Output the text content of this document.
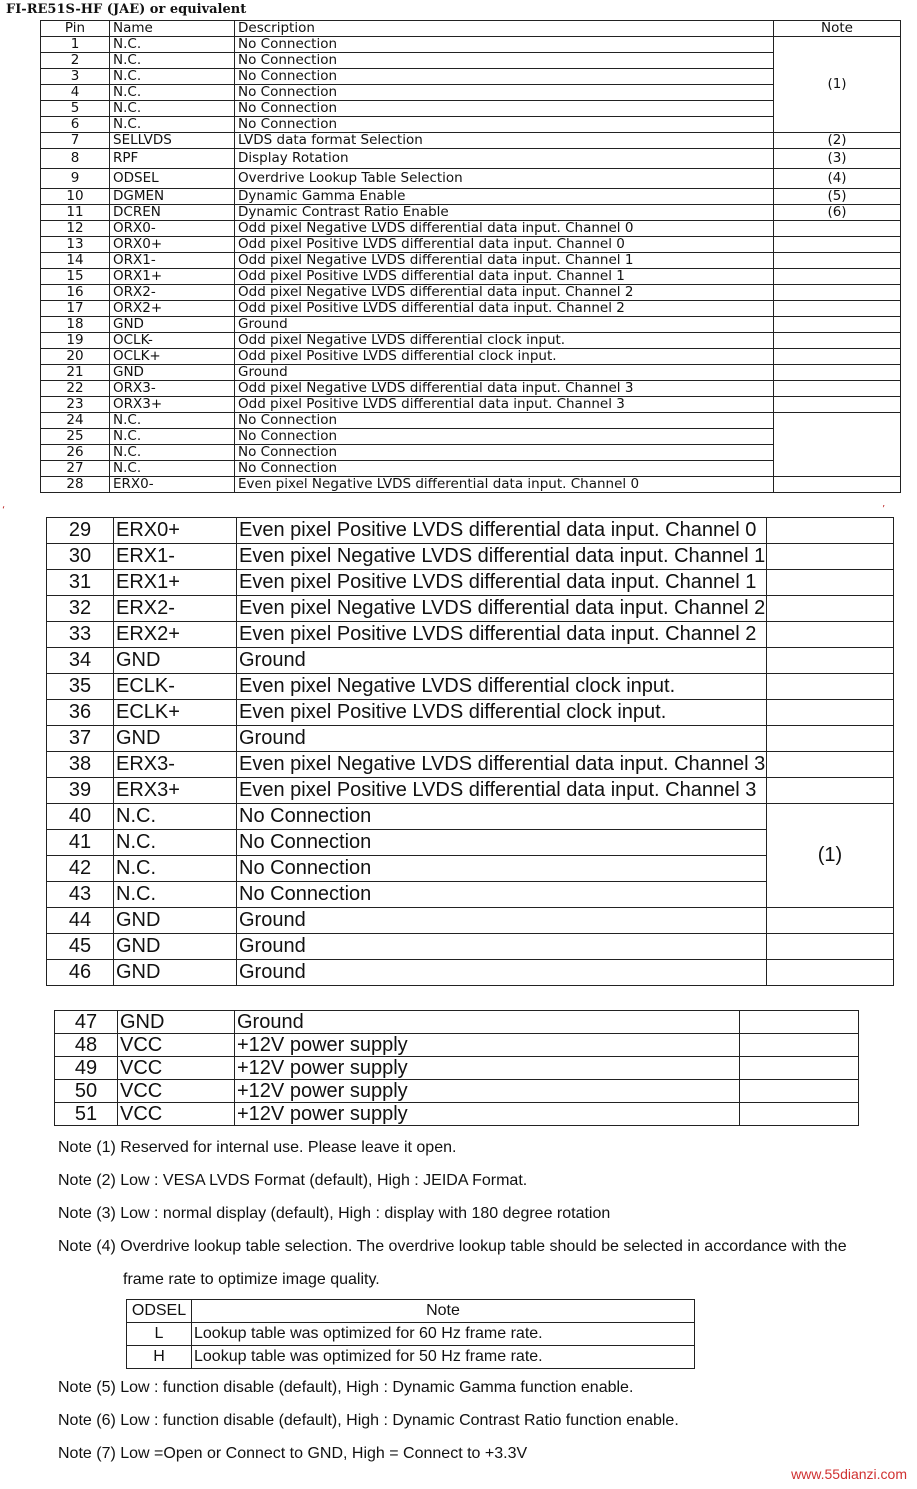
FI-RE51S-HF (JAE) or equivalent
Pin	Name	Description	Note
1	N.C.	No Connection	(1)
2	N.C.	No Connection	
3	N.C.	No Connection	
4	N.C.	No Connection	
5	N.C.	No Connection	
6	N.C.	No Connection	
7	SELLVDS	LVDS data format Selection	(2)
8	RPF	Display Rotation	(3)
9	ODSEL	Overdrive Lookup Table Selection	(4)
10	DGMEN	Dynamic Gamma Enable	(5)
11	DCREN	Dynamic Contrast Ratio Enable	(6)
12	ORX0-	Odd pixel Negative LVDS differential data input. Channel 0	
13	ORX0+	Odd pixel Positive LVDS differential data input. Channel 0	
14	ORX1-	Odd pixel Negative LVDS differential data input. Channel 1	
15	ORX1+	Odd pixel Positive LVDS differential data input. Channel 1	
16	ORX2-	Odd pixel Negative LVDS differential data input. Channel 2	
17	ORX2+	Odd pixel Positive LVDS differential data input. Channel 2	
18	GND	Ground	
19	OCLK-	Odd pixel Negative LVDS differential clock input.	
20	OCLK+	Odd pixel Positive LVDS differential clock input.	
21	GND	Ground	
22	ORX3-	Odd pixel Negative LVDS differential data input. Channel 3	
23	ORX3+	Odd pixel Positive LVDS differential data input. Channel 3	
24	N.C.	No Connection	
25	N.C.	No Connection	
26	N.C.	No Connection	
27	N.C.	No Connection	
28	ERX0-	Even pixel Negative LVDS differential data input. Channel 0	
29	ERX0+	Even pixel Positive LVDS differential data input. Channel 0	
30	ERX1-	Even pixel Negative LVDS differential data input. Channel 1	
31	ERX1+	Even pixel Positive LVDS differential data input. Channel 1	
32	ERX2-	Even pixel Negative LVDS differential data input. Channel 2	
33	ERX2+	Even pixel Positive LVDS differential data input. Channel 2	
34	GND	Ground	
35	ECLK-	Even pixel Negative LVDS differential clock input.	
36	ECLK+	Even pixel Positive LVDS differential clock input.	
37	GND	Ground	
38	ERX3-	Even pixel Negative LVDS differential data input. Channel 3	
39	ERX3+	Even pixel Positive LVDS differential data input. Channel 3	
40	N.C.	No Connection	(1)
41	N.C.	No Connection	
42	N.C.	No Connection	
43	N.C.	No Connection	
44	GND	Ground	
45	GND	Ground	
46	GND	Ground	
47	GND	Ground	
48	VCC	+12V power supply	
49	VCC	+12V power supply	
50	VCC	+12V power supply	
51	VCC	+12V power supply	
Note (1) Reserved for internal use. Please leave it open.
Note (2) Low : VESA LVDS Format (default), High : JEIDA Format.
Note (3) Low : normal display (default), High : display with 180 degree rotation
Note (4) Overdrive lookup table selection. The overdrive lookup table should be selected in accordance with the
frame rate to optimize image quality.
ODSEL	Note
L	Lookup table was optimized for 60 Hz frame rate.
H	Lookup table was optimized for 50 Hz frame rate.
Note (5) Low : function disable (default), High : Dynamic Gamma function enable.
Note (6) Low : function disable (default), High : Dynamic Contrast Ratio function enable.
Note (7) Low =Open or Connect to GND, High = Connect to +3.3V
‘	’
www.55dianzi.com
